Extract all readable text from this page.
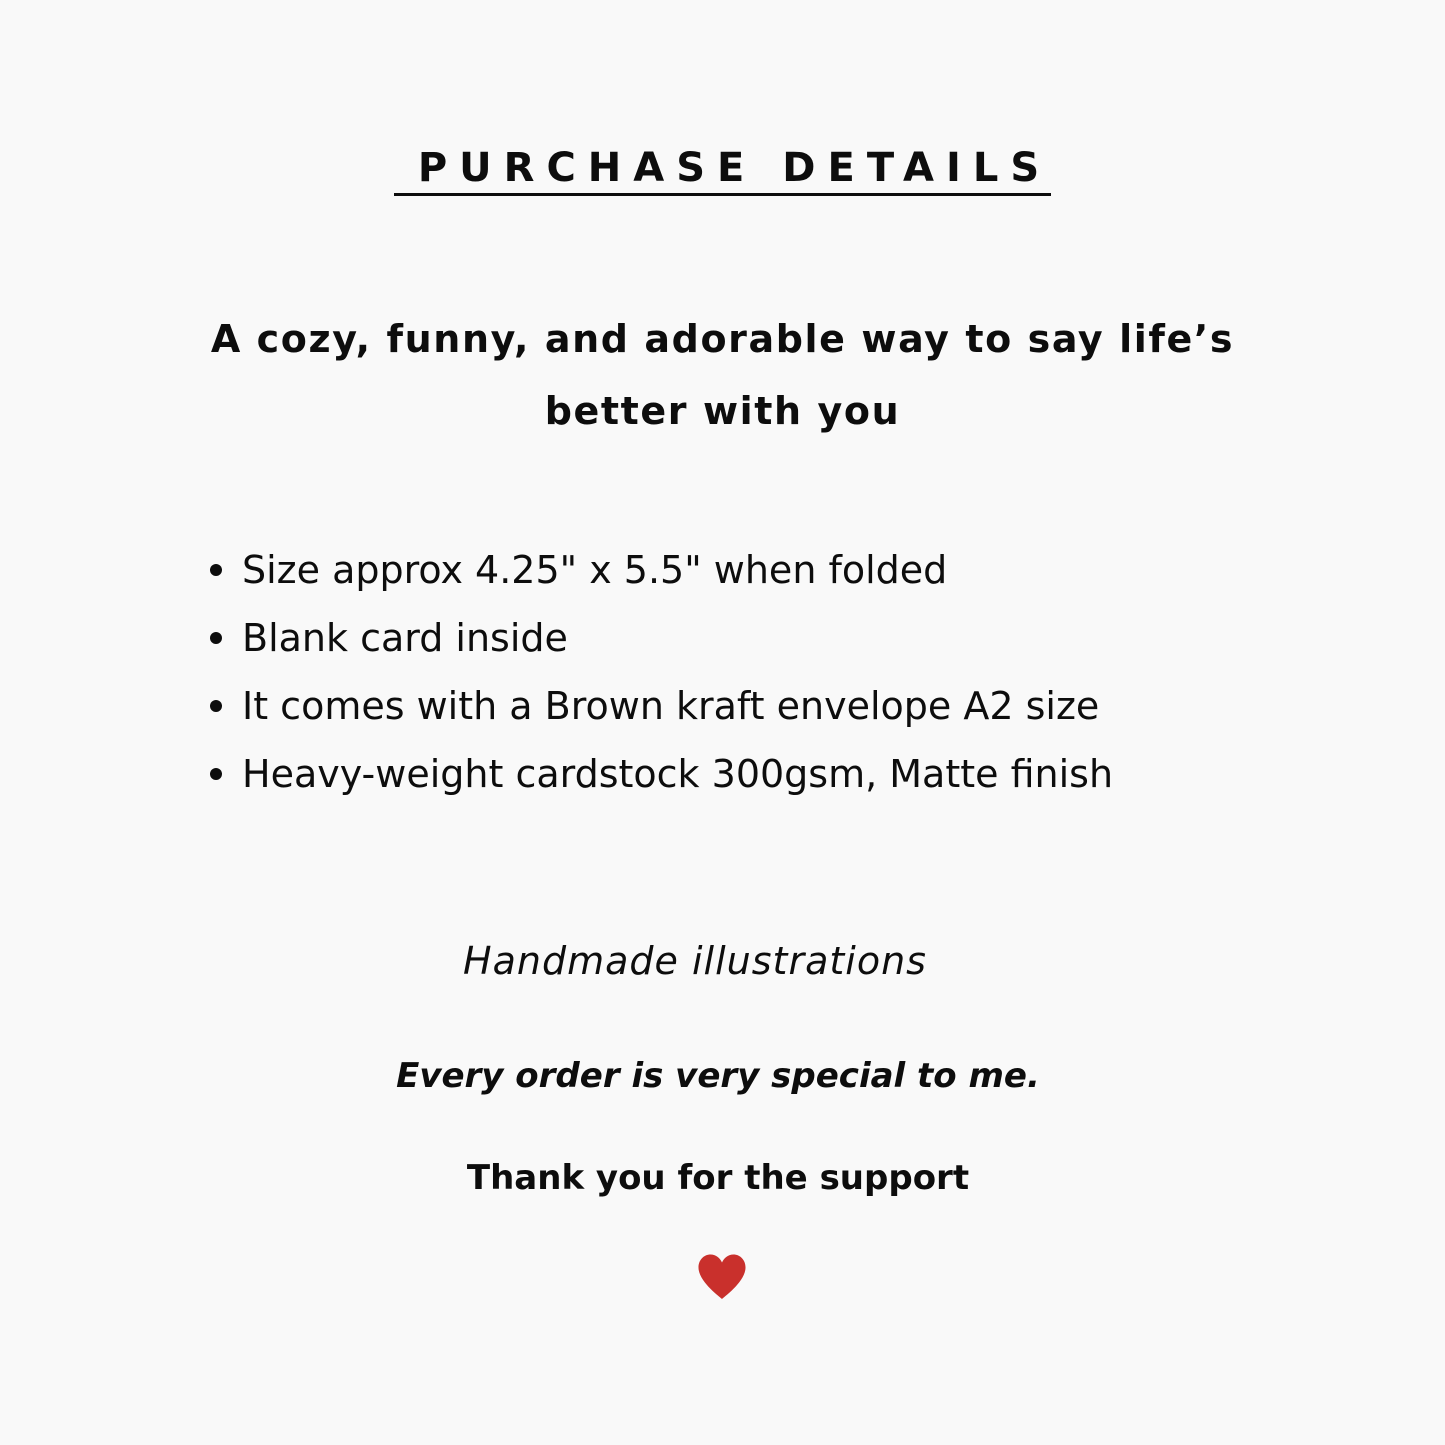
PURCHASE DETAILS

A cozy, funny, and adorable way to say life’s better with you

Size approx 4.25" x 5.5" when folded
Blank card inside
It comes with a Brown kraft envelope A2 size
Heavy-weight cardstock 300gsm, Matte finish

Handmade illustrations

Every order is very special to me.

Thank you for the support
